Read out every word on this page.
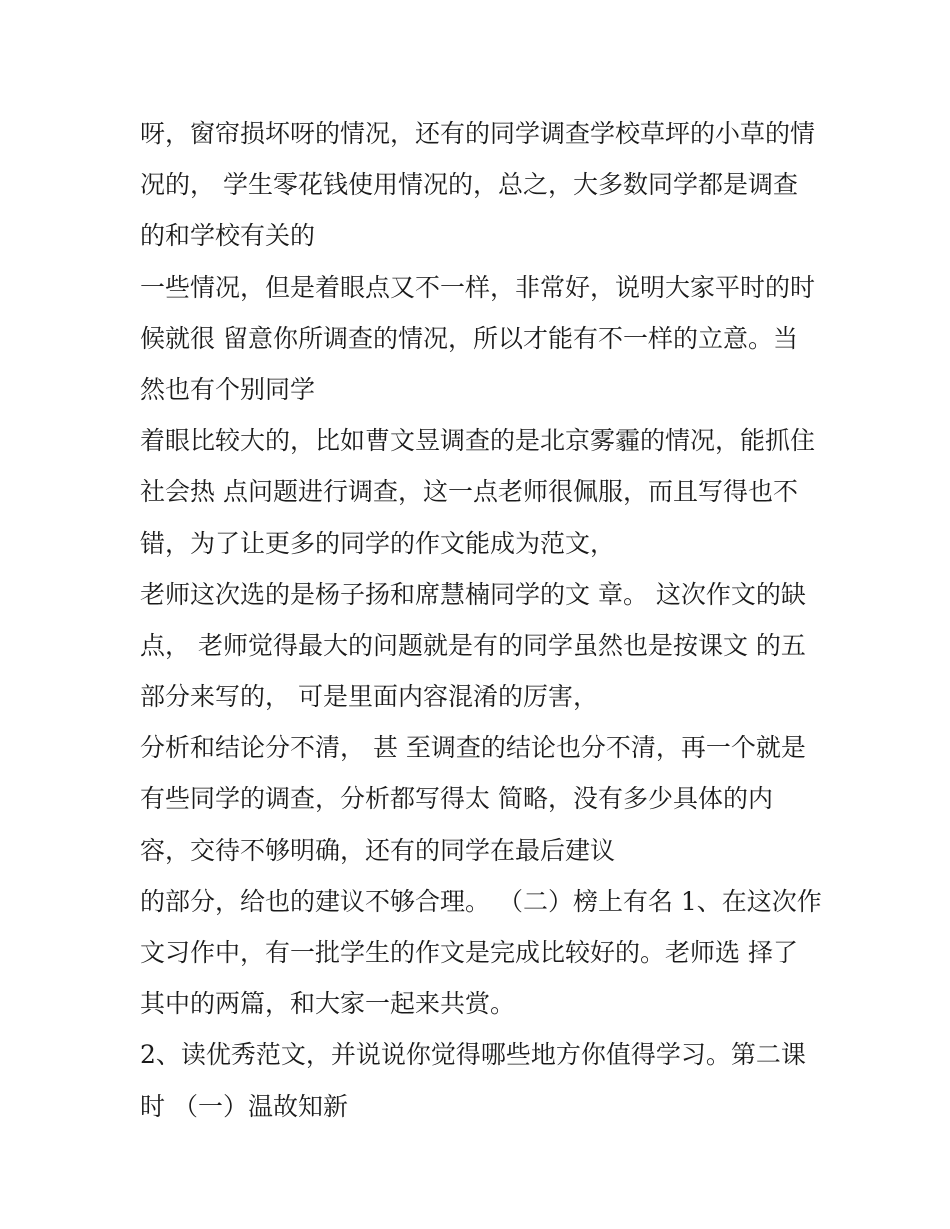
呀，窗帘损坏呀的情况，还有的同学调查学校草坪的小草的情
况的， 学生零花钱使用情况的，总之，大多数同学都是调查
的和学校有关的
一些情况，但是着眼点又不一样，非常好，说明大家平时的时
候就很 留意你所调查的情况，所以才能有不一样的立意。当
然也有个别同学
着眼比较大的，比如曹文昱调查的是北京雾霾的情况，能抓住
社会热 点问题进行调查，这一点老师很佩服，而且写得也不
错，为了让更多的同学的作文能成为范文，
老师这次选的是杨子扬和席慧楠同学的文 章。 这次作文的缺
点， 老师觉得最大的问题就是有的同学虽然也是按课文 的五
部分来写的， 可是里面内容混淆的厉害，
分析和结论分不清， 甚 至调查的结论也分不清，再一个就是
有些同学的调查，分析都写得太 简略，没有多少具体的内
容，交待不够明确，还有的同学在最后建议
的部分，给也的建议不够合理。 （二）榜上有名 1、在这次作
文习作中，有一批学生的作文是完成比较好的。老师选 择了
其中的两篇，和大家一起来共赏。
2、读优秀范文，并说说你觉得哪些地方你值得学习。第二课
时 （一）温故知新
